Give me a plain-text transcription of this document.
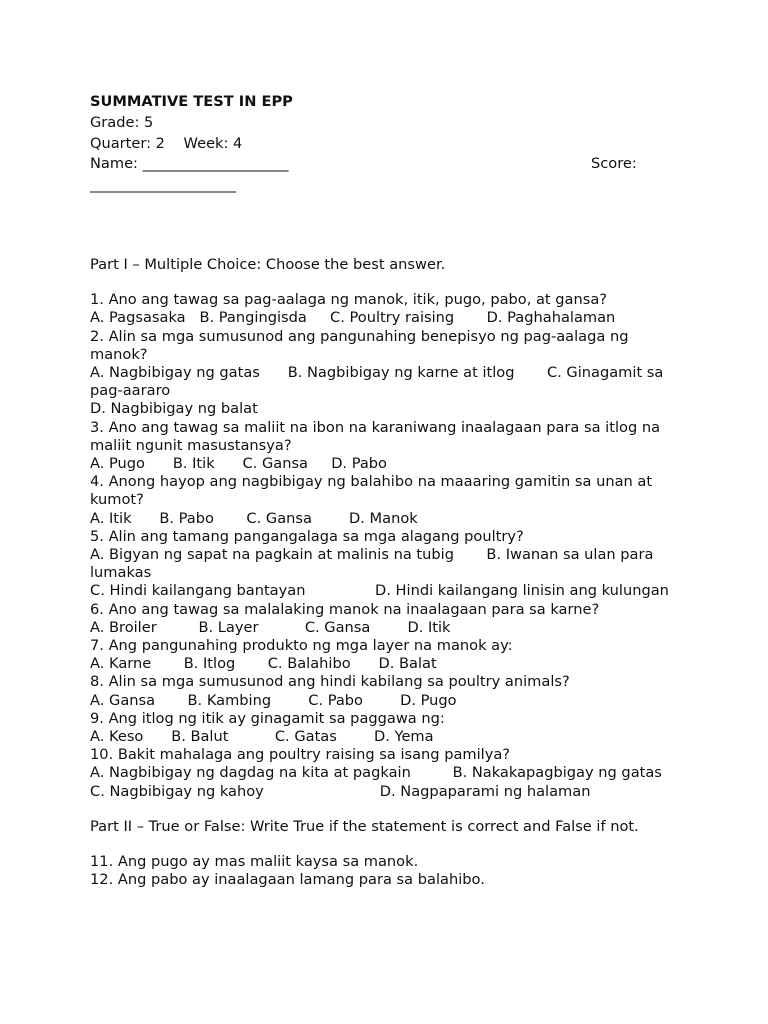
SUMMATIVE TEST IN EPP
Grade: 5
Quarter: 2    Week: 4
Name: ____________________	Score:
____________________
Part I – Multiple Choice: Choose the best answer.
1. Ano ang tawag sa pag-aalaga ng manok, itik, pugo, pabo, at gansa?
A. Pagsasaka   B. Pangingisda     C. Poultry raising       D. Paghahalaman
2. Alin sa mga sumusunod ang pangunahing benepisyo ng pag-aalaga ng manok?
A. Nagbibigay ng gatas      B. Nagbibigay ng karne at itlog       C. Ginagamit sa pag-aararo
D. Nagbibigay ng balat
3. Ano ang tawag sa maliit na ibon na karaniwang inaalagaan para sa itlog na maliit ngunit masustansya?
A. Pugo      B. Itik      C. Gansa     D. Pabo
4. Anong hayop ang nagbibigay ng balahibo na maaaring gamitin sa unan at kumot?
A. Itik      B. Pabo       C. Gansa        D. Manok
5. Alin ang tamang pangangalaga sa mga alagang poultry?
A. Bigyan ng sapat na pagkain at malinis na tubig       B. Iwanan sa ulan para lumakas
C. Hindi kailangang bantayan               D. Hindi kailangang linisin ang kulungan
6. Ano ang tawag sa malalaking manok na inaalagaan para sa karne?
A. Broiler         B. Layer          C. Gansa        D. Itik
7. Ang pangunahing produkto ng mga layer na manok ay:
A. Karne       B. Itlog       C. Balahibo      D. Balat
8. Alin sa mga sumusunod ang hindi kabilang sa poultry animals?
A. Gansa       B. Kambing        C. Pabo        D. Pugo
9. Ang itlog ng itik ay ginagamit sa paggawa ng:
A. Keso      B. Balut          C. Gatas        D. Yema
10. Bakit mahalaga ang poultry raising sa isang pamilya?
A. Nagbibigay ng dagdag na kita at pagkain         B. Nakakapagbigay ng gatas
C. Nagbibigay ng kahoy                         D. Nagpaparami ng halaman
Part II – True or False: Write True if the statement is correct and False if not.
11. Ang pugo ay mas maliit kaysa sa manok.
12. Ang pabo ay inaalagaan lamang para sa balahibo.
